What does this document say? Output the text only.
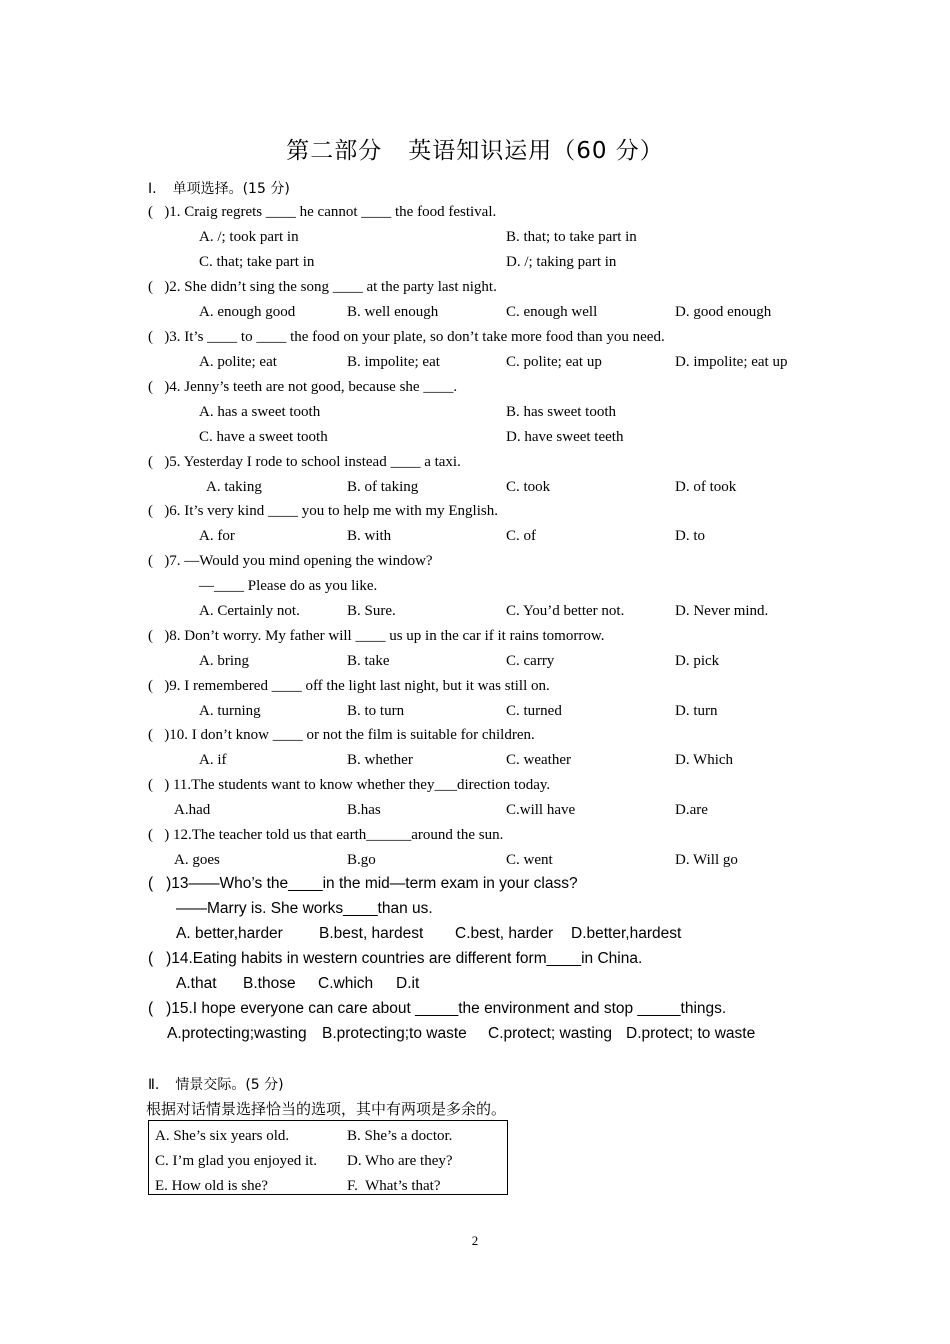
第二部分 英语知识运用（60 分）
Ⅰ. 单项选择。(15 分)
(   )1. Craig regrets ____ he cannot ____ the food festival.
A. /; took part in	B. that; to take part in
C. that; take part in	D. /; taking part in
(   )2. She didn’t sing the song ____ at the party last night.
A. enough good	B. well enough	C. enough well	D. good enough
(   )3. It’s ____ to ____ the food on your plate, so don’t take more food than you need.
A. polite; eat	B. impolite; eat	C. polite; eat up	D. impolite; eat up
(   )4. Jenny’s teeth are not good, because she ____.
A. has a sweet tooth	B. has sweet tooth
C. have a sweet tooth	D. have sweet teeth
(   )5. Yesterday I rode to school instead ____ a taxi.
A. taking	B. of taking	C. took	D. of took
(   )6. It’s very kind ____ you to help me with my English.
A. for	B. with	C. of	D. to
(   )7. —Would you mind opening the window?
—____ Please do as you like.
A. Certainly not.	B. Sure.	C. You’d better not.	D. Never mind.
(   )8. Don’t worry. My father will ____ us up in the car if it rains tomorrow.
A. bring	B. take	C. carry	D. pick
(   )9. I remembered ____ off the light last night, but it was still on.
A. turning	B. to turn	C. turned	D. turn
(   )10. I don’t know ____ or not the film is suitable for children.
A. if	B. whether	C. weather	D. Which
(   ) 11.The students want to know whether they___direction today.
A.had	B.has	C.will have	D.are
(   ) 12.The teacher told us that earth______around the sun.
A. goes	B.go	C. went	D. Will go
(   )13——Who’s the____in the mid—term exam in your class?
——Marry is. She works____than us.
A. better,harder B.best, hardest C.best, harder D.better,hardest
(   )14.Eating habits in western countries are different form____in China.
A.that B.those C.which D.it
(   )15.I hope everyone can care about _____the environment and stop _____things.
A.protecting;wasting B.protecting;to waste C.protect; wasting D.protect; to waste
Ⅱ. 情景交际。(5 分)
根据对话情景选择恰当的选项，其中有两项是多余的。
A. She’s six years old.	B. She’s a doctor.
C. I’m glad you enjoyed it. D. Who are they?
E. How old is she?	F.  What’s that?
2
